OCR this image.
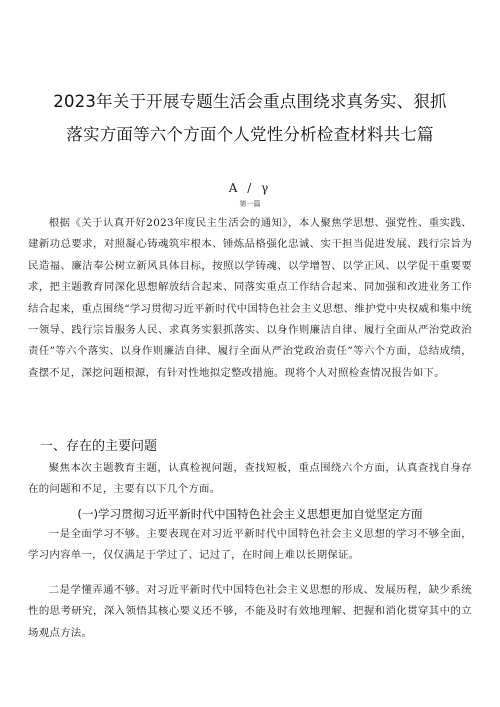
2023年关于开展专题生活会重点围绕求真务实、狠抓
落实方面等六个方面个人党性分析检查材料共七篇
A / γ
第一篇
根据《关于认真开好2023年度民主生活会的通知》，本人聚焦学思想、强党性、重实践、建新功总要求，对照凝心铸魂筑牢根本、锤炼品格强化忠诚、实干担当促进发展、践行宗旨为民造福、廉洁奉公树立新风具体目标，按照以学铸魂、以学增智、以学正风、以学促干重要要求，把主题教育同深化思想解放结合起来、同落实重点工作结合起来、同加强和改进业务工作结合起来，重点围绕“学习贯彻习近平新时代中国特色社会主义思想、维护党中央权威和集中统一领导、践行宗旨服务人民、求真务实狠抓落实、以身作则廉洁自律、履行全面从严治党政治责任”等六个落实、以身作则廉洁自律、履行全面从严治党政治责任”等六个方面，总结成绩，查摆不足，深挖问题根源，有针对性地拟定整改措施。现将个人对照检查情况报告如下。
一、存在的主要问题
聚焦本次主题教育主题，认真检视问题，查找短板，重点围绕六个方面，认真查找自身存在的问题和不足，主要有以下几个方面。
(一)学习贯彻习近平新时代中国特色社会主义思想更加自觉坚定方面
一是全面学习不够。主要表现在对习近平新时代中国特色社会主义思想的学习不够全面，学习内容单一，仅仅满足于学过了、记过了，在时间上难以长期保证。
二是学懂弄通不够。对习近平新时代中国特色社会主义思想的形成、发展历程，缺少系统性的思考研究，深入领悟其核心要义还不够，不能及时有效地理解、把握和消化贯穿其中的立场观点方法。
